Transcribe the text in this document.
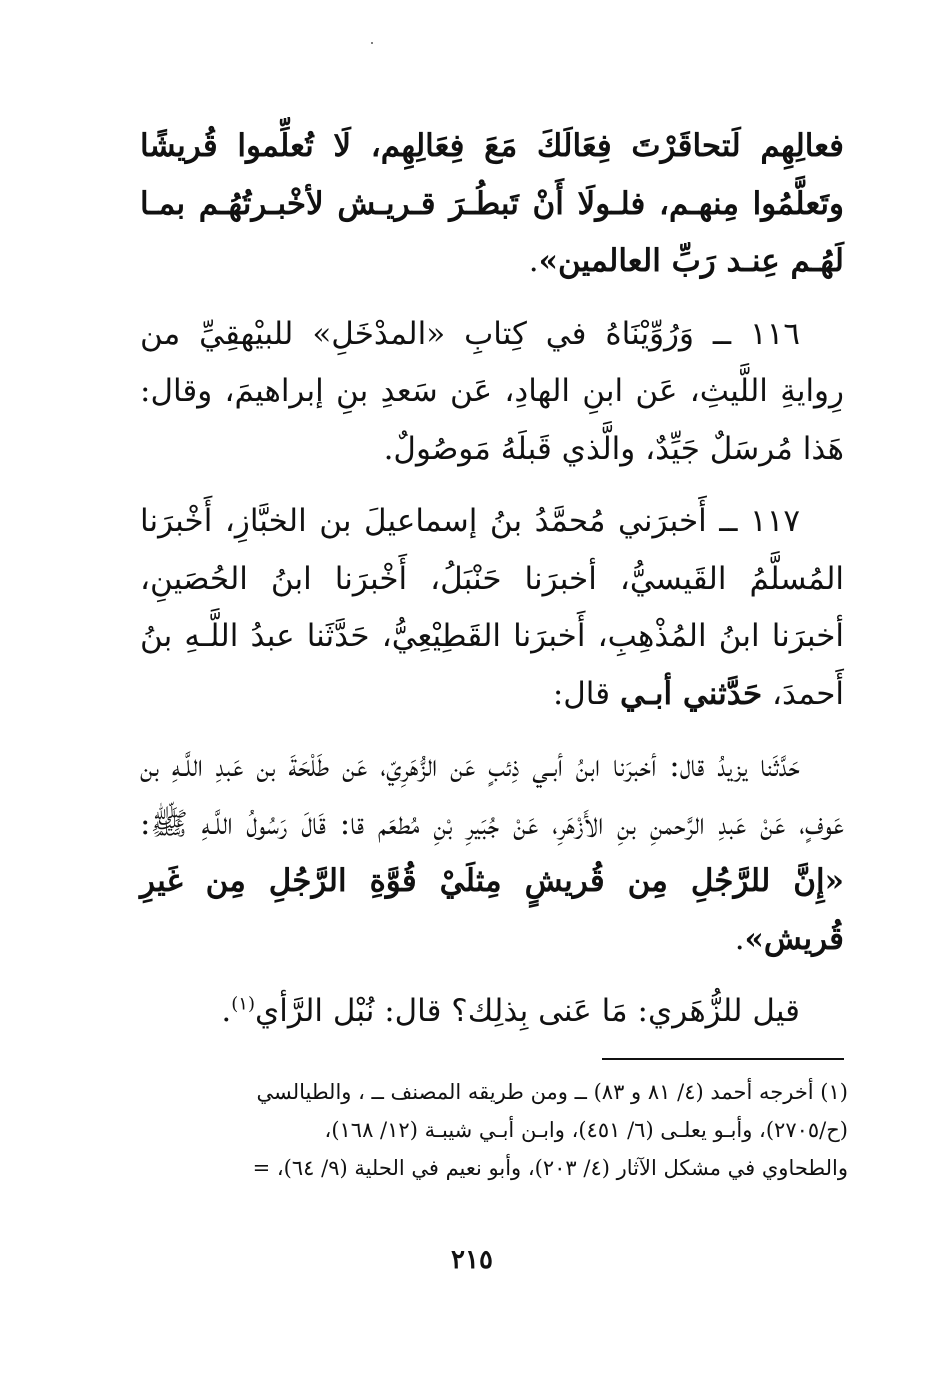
فعالِهِم لَتحاقَرْتَ فِعَالَكَ مَعَ فِعَالِهِم، لَا تُعلِّموا قُريشًا وتَعلَّمُوا مِنهـم، فلـولَا أَنْ تَبطُـرَ قـريـش لأخْبـرتُهُـم بمـا لَهُـم عِنـد رَبِّ العالمين».

١١٦ ــ وَرُوِّيْنَاهُ في كِتابِ «المدْخَلِ» للبيْهقِيِّ من رِوايةِ اللَّيثِ، عَن ابنِ الهادِ، عَن سَعدِ بنِ إبراهيمَ، وقال: هَذا مُرسَلٌ جَيِّدٌ، والَّذي قَبلَهُ مَوصُولٌ.

١١٧ ــ أَخبرَني مُحمَّدُ بنُ إسماعيلَ بن الخبَّازِ، أَخْبرَنا المُسلَّمُ القَيسيُّ، أخبرَنا حَنْبَلُ، أَخْبرَنا ابنُ الحُصَينِ، أخبرَنا ابنُ المُذْهِبِ، أَخبرَنا القَطِيْعِيُّ، حَدَّثَنا عبدُ اللَّـهِ بنُ أَحمدَ، حَدَّثني أبـي قال:

حَدَّثَنا يزيدُ قال: أخبرَنا ابنُ أبـي ذِئبٍ عَن الزُّهَرِيّ، عَن طَلْحَةَ بن عَبدِ اللَّـهِ بن عَوفٍ، عَنْ عَبدِ الرَّحمنِ بنِ الأَزْهَرِ، عَنْ جُبَيرِ بْنِ مُطعَم قا: قَالَ رَسُولُ اللَّـهِ ﷺ: «إِنَّ للرَّجُلِ مِن قُريشٍ مِثلَيْ قُوَّةِ الرَّجُلِ مِن غَيرِ قُريش».

قيل للزُّهَري: مَا عَنى بِذلِك؟ قال: نُبْل الرَّأي$^{(١)}$.

(١) أخرجه أحمد (٤/ ٨١ و ٨٣) ــ ومن طريقه المصنف ــ ، والطيالسي

(ح/٢٧٠٥)، وأبـو يعلـى (٦/ ٤٥١)، وابـن أبـي شيبـة (١٢/ ١٦٨)،

والطحاوي في مشكل الآثار (٤/ ٢٠٣)، وأبو نعيم في الحلية (٩/ ٦٤)، =

٢١٥
